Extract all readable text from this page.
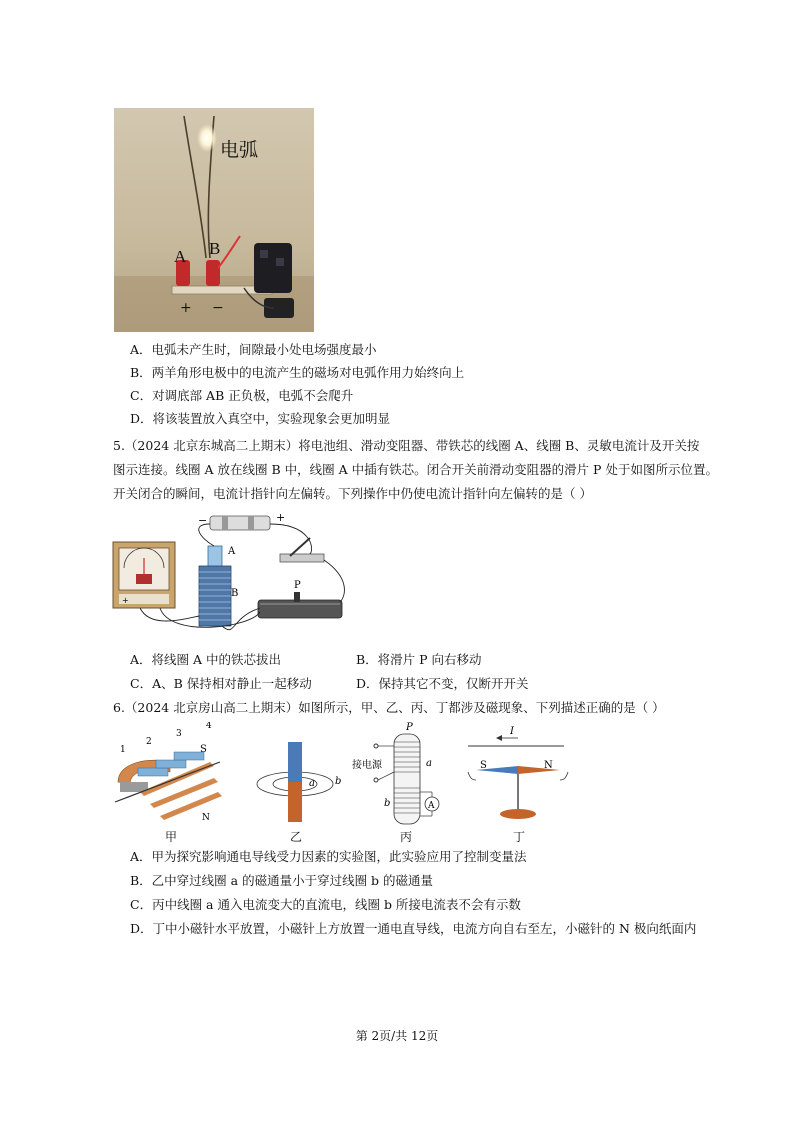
电弧
A B
+ −
A．电弧未产生时，间隙最小处电场强度最小
B．两羊角形电极中的电流产生的磁场对电弧作用力始终向上
C．对调底部 AB 正负极，电弧不会爬升
D．将该装置放入真空中，实验现象会更加明显
5.（2024 北京东城高二上期末）将电池组、滑动变阻器、带铁芯的线圈 A、线圈 B、灵敏电流计及开关按
图示连接。线圈 A 放在线圈 B 中，线圈 A 中插有铁芯。闭合开关前滑动变阻器的滑片 P 处于如图所示位置。
开关闭合的瞬间，电流计指针向左偏转。下列操作中仍使电流计指针向左偏转的是（ ）
+
−	+
A
B
P
A．将线圈 A 中的铁芯拔出	B．将滑片 P 向右移动
C．A、B 保持相对静止一起移动	D．保持其它不变，仅断开开关
6.（2024 北京房山高二上期末）如图所示，甲、乙、丙、丁都涉及磁现象、下列描述正确的是（ ）
1
2
3
4
S
N
甲
a b
乙
P
接电源	a
b	A
丙
I
S	N
丁
A．甲为探究影响通电导线受力因素的实验图，此实验应用了控制变量法
B．乙中穿过线圈 a 的磁通量小于穿过线圈 b 的磁通量
C．丙中线圈 a 通入电流变大的直流电，线圈 b 所接电流表不会有示数
D．丁中小磁针水平放置，小磁针上方放置一通电直导线，电流方向自右至左，小磁针的 N 极向纸面内
第 2页/共 12页
